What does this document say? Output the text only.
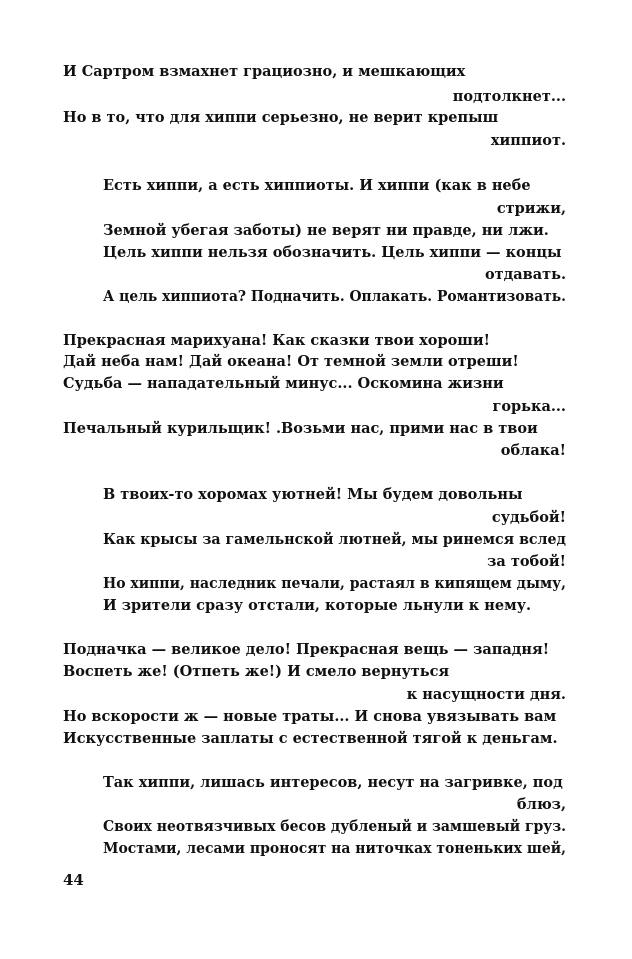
И Сартром взмахнет грациозно, и мешкающих
подтолкнет...
Но в то, что для хиппи серьезно, не верит крепыш
хиппиот.
Есть хиппи, а есть хиппиоты. И хиппи (как в небе
стрижи,
Земной убегая заботы) не верят ни правде, ни лжи.
Цель хиппи нельзя обозначить. Цель хиппи — концы
отдавать.
А цель хиппиота? Подначить. Оплакать. Романтизовать.
Прекрасная марихуана! Как сказки твои хороши!
Дай неба нам! Дай океана! От темной земли отреши!
Судьба — нападательный минус... Оскомина жизни
горька...
Печальный курильщик! .Возьми нас, прими нас в твои
облака!
В твоих-то хоромах уютней! Мы будем довольны
судьбой!
Как крысы за гамельнской лютней, мы ринемся вслед
за тобой!
Но хиппи, наследник печали, растаял в кипящем дыму,
И зрители сразу отстали, которые льнули к нему.
Подначка — великое дело! Прекрасная вещь — западня!
Воспеть же! (Отпеть же!) И смело вернуться
к насущности дня.
Но вскорости ж — новые траты... И снова увязывать вам
Искусственные заплаты с естественной тягой к деньгам.
Так хиппи, лишась интересов, несут на загривке, под
блюз,
Своих неотвязчивых бесов дубленый и замшевый груз.
Мостами, лесами проносят на ниточках тоненьких шей,
44
